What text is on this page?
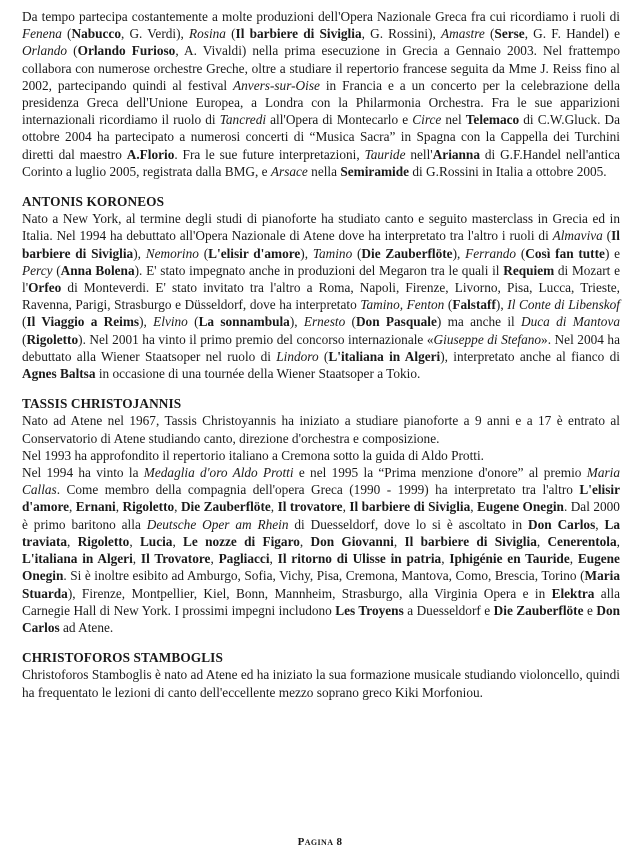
Da tempo partecipa costantemente a molte produzioni dell'Opera Nazionale Greca fra cui ricordiamo i ruoli di Fenena (Nabucco, G. Verdi), Rosina (Il barbiere di Siviglia, G. Rossini), Amastre (Serse, G. F. Handel) e Orlando (Orlando Furioso, A. Vivaldi) nella prima esecuzione in Grecia a Gennaio 2003. Nel frattempo collabora con numerose orchestre Greche, oltre a studiare il repertorio francese seguita da Mme J. Reiss fino al 2002, partecipando quindi al festival Anvers-sur-Oise in Francia e a un concerto per la celebrazione della presidenza Greca dell'Unione Europea, a Londra con la Philarmonia Orchestra. Fra le sue apparizioni internazionali ricordiamo il ruolo di Tancredi all'Opera di Montecarlo e Circe nel Telemaco di C.W.Gluck. Da ottobre 2004 ha partecipato a numerosi concerti di “Musica Sacra” in Spagna con la Cappella dei Turchini diretti dal maestro A.Florio. Fra le sue future interpretazioni, Tauride nell'Arianna di G.F.Handel nell'antica Corinto a luglio 2005, registrata dalla BMG, e Arsace nella Semiramide di G.Rossini in Italia a ottobre 2005.

ANTONIS KORONEOS

Nato a New York, al termine degli studi di pianoforte ha studiato canto e seguito masterclass in Grecia ed in Italia. Nel 1994 ha debuttato all'Opera Nazionale di Atene dove ha interpretato tra l'altro i ruoli di Almaviva (Il barbiere di Siviglia), Nemorino (L'elisir d'amore), Tamino (Die Zauberflöte), Ferrando (Così fan tutte) e Percy (Anna Bolena). E' stato impegnato anche in produzioni del Megaron tra le quali il Requiem di Mozart e l'Orfeo di Monteverdi. E' stato invitato tra l'altro a Roma, Napoli, Firenze, Livorno, Pisa, Lucca, Trieste, Ravenna, Parigi, Strasburgo e Düsseldorf, dove ha interpretato Tamino, Fenton (Falstaff), Il Conte di Libenskof (Il Viaggio a Reims), Elvino (La sonnambula), Ernesto (Don Pasquale) ma anche il Duca di Mantova (Rigoletto). Nel 2001 ha vinto il primo premio del concorso internazionale «Giuseppe di Stefano». Nel 2004 ha debuttato alla Wiener Staatsoper nel ruolo di Lindoro (L'italiana in Algeri), interpretato anche al fianco di Agnes Baltsa in occasione di una tournée della Wiener Staatsoper a Tokio.

TASSIS CHRISTOJANNIS

Nato ad Atene nel 1967, Tassis Christoyannis ha iniziato a studiare pianoforte a 9 anni e a 17 è entrato al Conservatorio di Atene studiando canto, direzione d'orchestra e composizione.

Nel 1993 ha approfondito il repertorio italiano a Cremona sotto la guida di Aldo Protti.

Nel 1994 ha vinto la Medaglia d'oro Aldo Protti e nel 1995 la “Prima menzione d'onore” al premio Maria Callas. Come membro della compagnia dell'opera Greca (1990 - 1999) ha interpretato tra l'altro L'elisir d'amore, Ernani, Rigoletto, Die Zauberflöte, Il trovatore, Il barbiere di Siviglia, Eugene Onegin. Dal 2000 è primo baritono alla Deutsche Oper am Rhein di Duesseldorf, dove lo si è ascoltato in Don Carlos, La traviata, Rigoletto, Lucia, Le nozze di Figaro, Don Giovanni, Il barbiere di Siviglia, Cenerentola, L'italiana in Algeri, Il Trovatore, Pagliacci, Il ritorno di Ulisse in patria, Iphigénie en Tauride, Eugene Onegin. Si è inoltre esibito ad Amburgo, Sofia, Vichy, Pisa, Cremona, Mantova, Como, Brescia, Torino (Maria Stuarda), Firenze, Montpellier, Kiel, Bonn, Mannheim, Strasburgo, alla Virginia Opera e in Elektra alla Carnegie Hall di New York. I prossimi impegni includono Les Troyens a Duesseldorf e Die Zauberflöte e Don Carlos ad Atene.

CHRISTOFOROS STAMBOGLIS

Christoforos Stamboglis è nato ad Atene ed ha iniziato la sua formazione musicale studiando violoncello, quindi ha frequentato le lezioni di canto dell'eccellente mezzo soprano greco Kiki Morfoniou.

Pagina 8
